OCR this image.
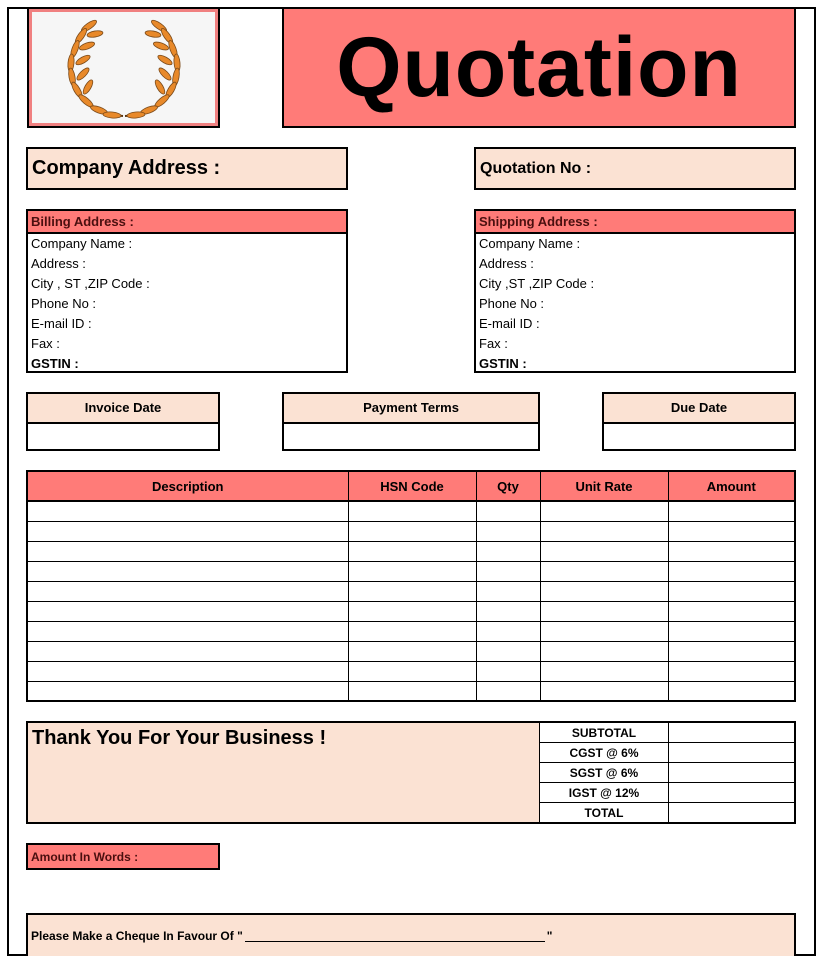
Quotation
Company Address :	Quotation No :
Billing Address :
Company Name :
Address :
City , ST ,ZIP Code :
Phone No :
E-mail ID :
Fax :
GSTIN :
Shipping Address :
Company Name :
Address :
City ,ST ,ZIP Code :
Phone No :
E-mail ID :
Fax :
GSTIN :
Invoice Date	Payment Terms	Due Date
Description	HSN Code	Qty	Unit Rate	Amount

Thank You For Your Business !	SUBTOTAL
CGST @ 6%
SGST @ 6%
IGST @ 12%
TOTAL
Amount In Words :
Please Make a Cheque In Favour Of "	"
